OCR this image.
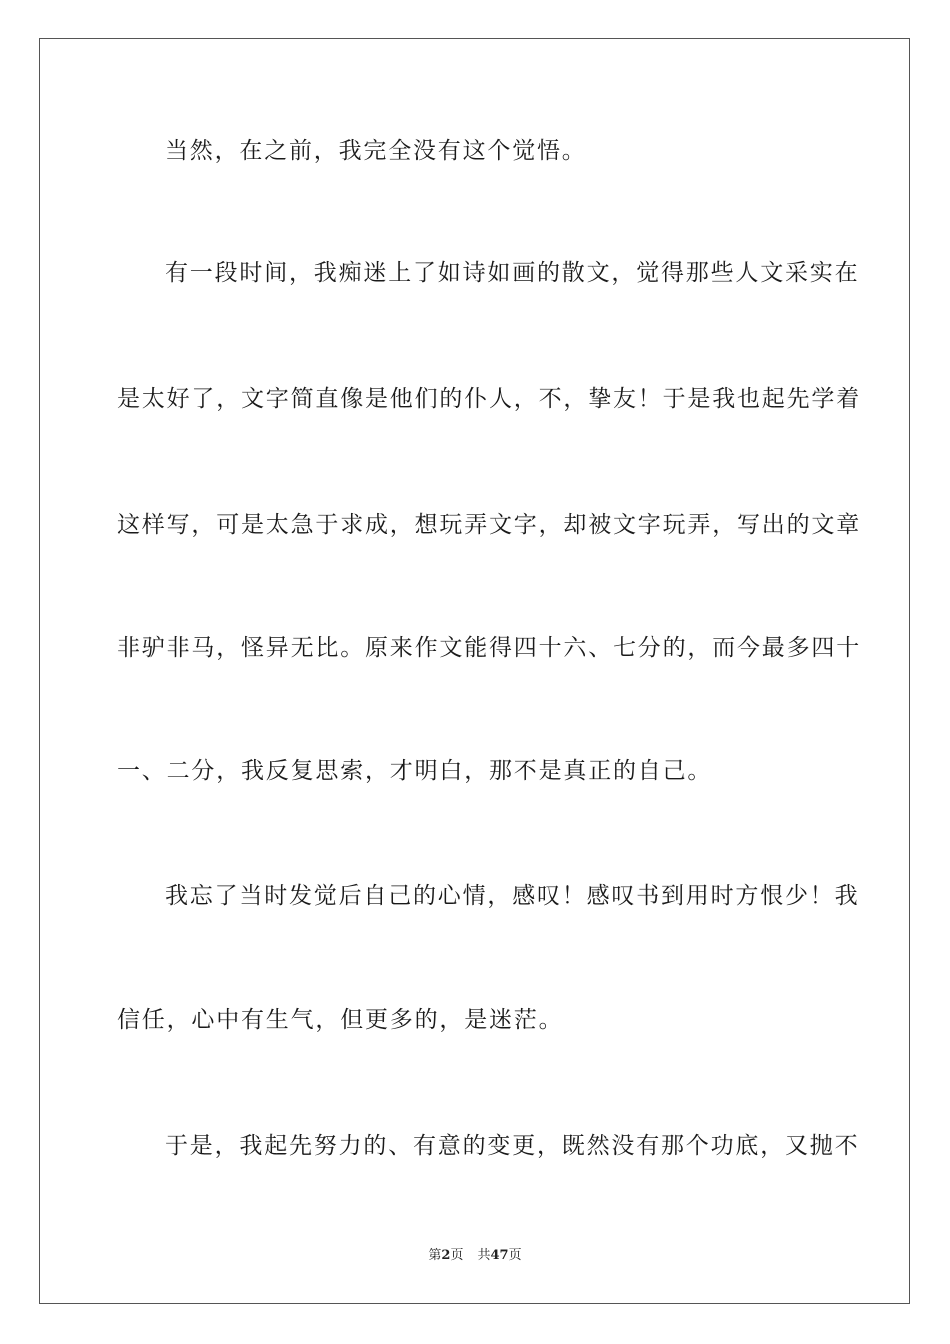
当然，在之前，我完全没有这个觉悟。
有一段时间，我痴迷上了如诗如画的散文，觉得那些人文采实在
是太好了，文字简直像是他们的仆人，不，挚友！于是我也起先学着
这样写，可是太急于求成，想玩弄文字，却被文字玩弄，写出的文章
非驴非马，怪异无比。原来作文能得四十六、七分的，而今最多四十
一、二分，我反复思索，才明白，那不是真正的自己。
我忘了当时发觉后自己的心情，感叹！感叹书到用时方恨少！我
信任，心中有生气，但更多的，是迷茫。
于是，我起先努力的、有意的变更，既然没有那个功底，又抛不
第2页 共47页
